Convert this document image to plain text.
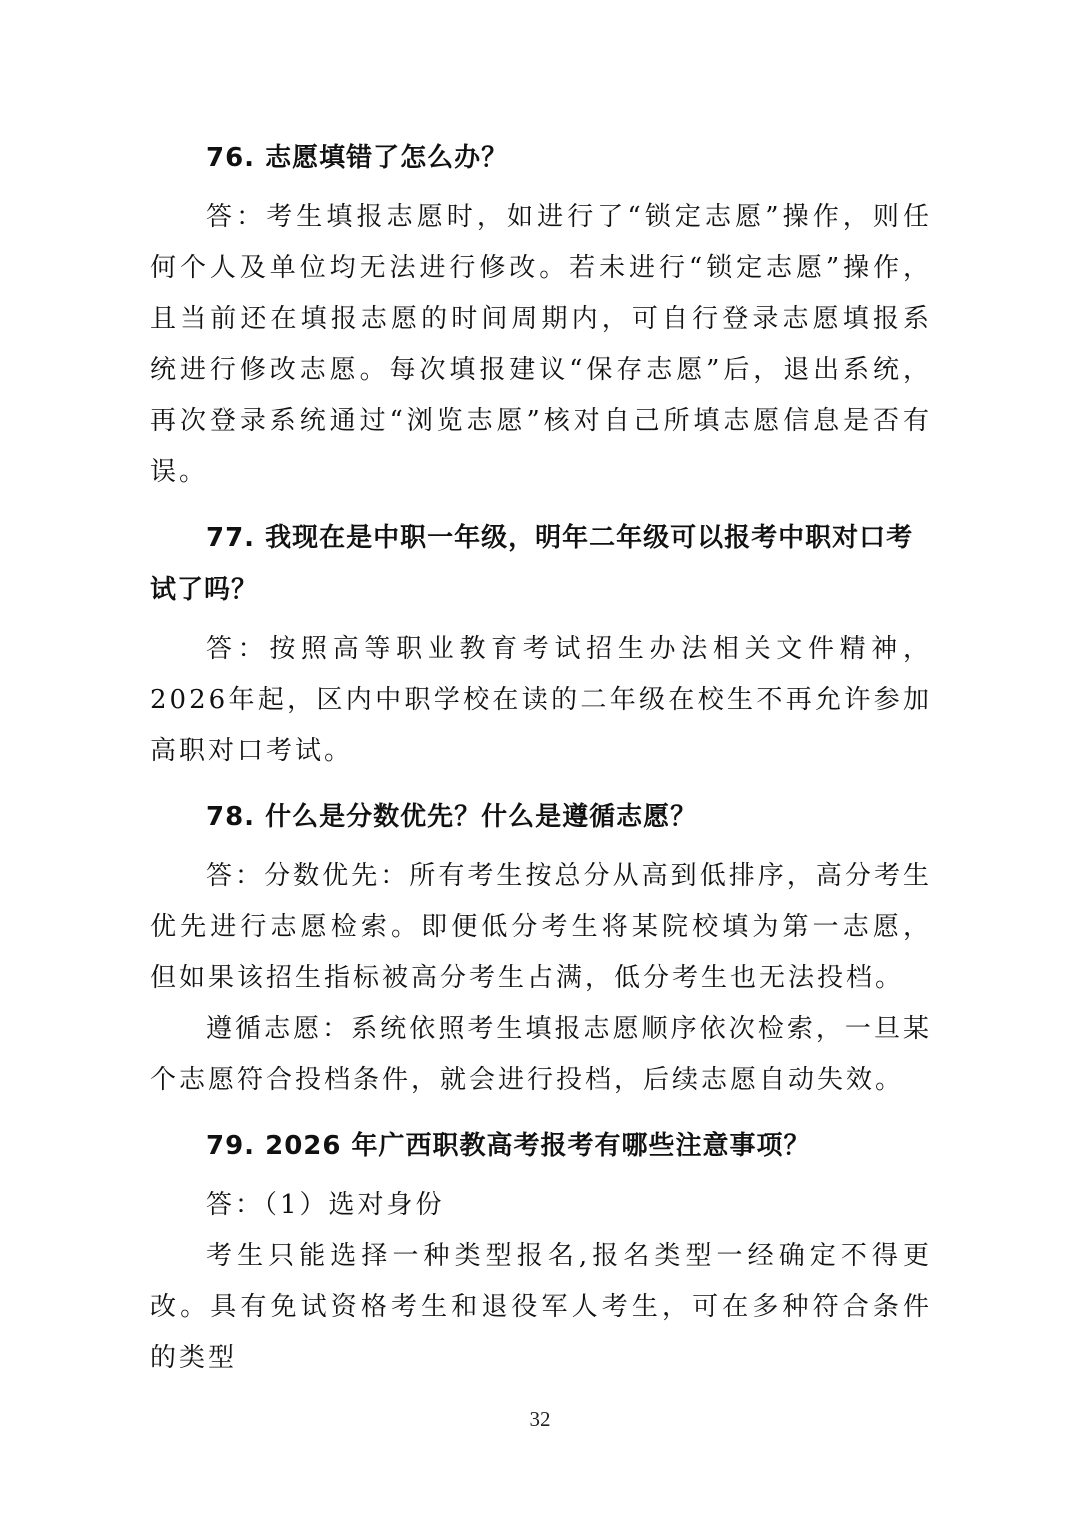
76. 志愿填错了怎么办？

答：考生填报志愿时，如进行了“锁定志愿”操作，则任何个人及单位均无法进行修改。若未进行“锁定志愿”操作，且当前还在填报志愿的时间周期内，可自行登录志愿填报系统进行修改志愿。每次填报建议“保存志愿”后，退出系统，再次登录系统通过“浏览志愿”核对自己所填志愿信息是否有误。

77. 我现在是中职一年级，明年二年级可以报考中职对口考试了吗？

答：按照高等职业教育考试招生办法相关文件精神，2026年起，区内中职学校在读的二年级在校生不再允许参加高职对口考试。

78. 什么是分数优先？什么是遵循志愿？

答：分数优先：所有考生按总分从高到低排序，高分考生优先进行志愿检索。即便低分考生将某院校填为第一志愿，但如果该招生指标被高分考生占满，低分考生也无法投档。

遵循志愿：系统依照考生填报志愿顺序依次检索，一旦某个志愿符合投档条件，就会进行投档，后续志愿自动失效。

79. 2026 年广西职教高考报考有哪些注意事项？

答：（1）选对身份

考生只能选择一种类型报名,报名类型一经确定不得更改。具有免试资格考生和退役军人考生，可在多种符合条件的类型

32
